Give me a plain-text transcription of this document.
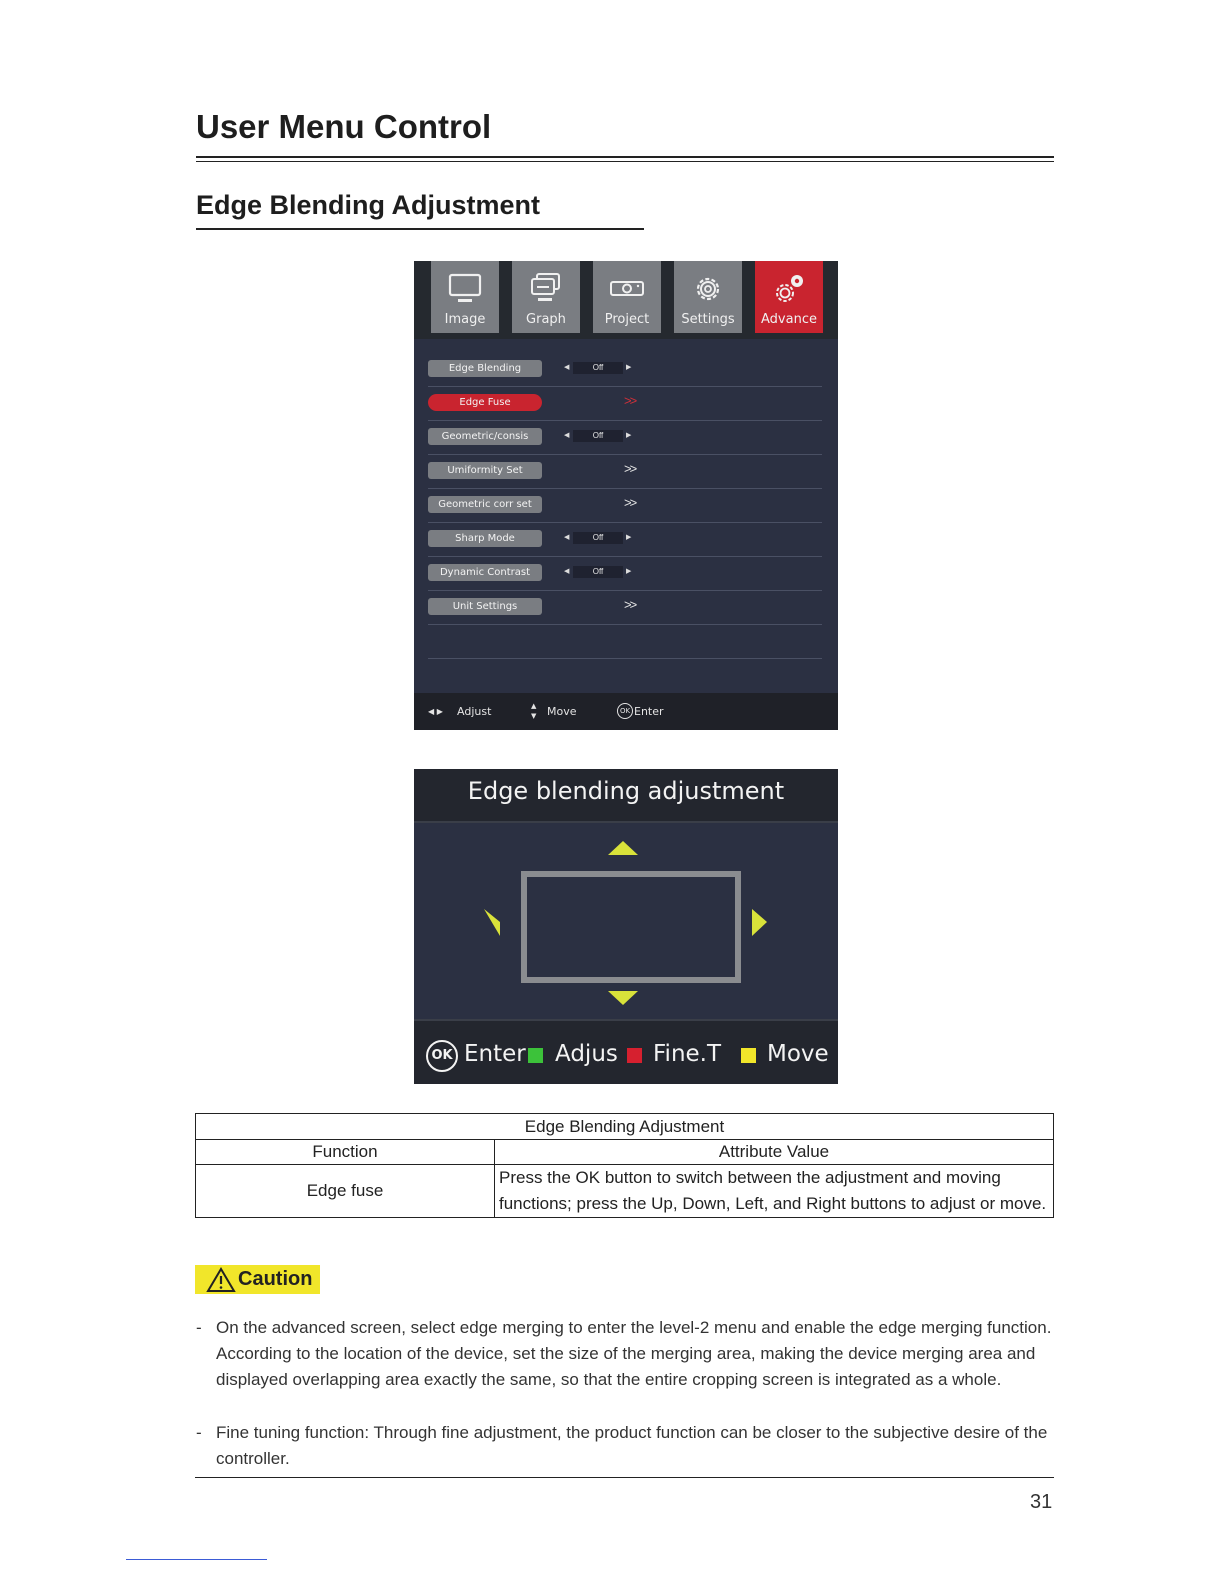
User Menu Control
Edge Blending Adjustment
Image	Graph	Project	Settings	Advance
Edge Blending	◀	Off	▶
Edge Fuse	>>
Geometric/consis	◀	Off	▶
Umiformity Set	>>
Geometric corr set	>>
Sharp Mode	◀	Off	▶
Dynamic Contrast	◀	Off	▶
Unit Settings	>>
◀ ▶ Adjust	▲
▼ Move	OK Enter
Edge blending adjustment
OK Enter Adjus Fine.T Move
Edge Blending Adjustment	
Function	Attribute Value
Edge fuse	Press the OK button to switch between the adjustment and moving functions; press the Up, Down, Left, and Right buttons to adjust or move.
Caution
- On the advanced screen, select edge merging to enter the level-2 menu and enable the edge merging function. According to the location of the device, set the size of the merging area, making the device merging area and displayed overlapping area exactly the same, so that the entire cropping screen is integrated as a whole.
- Fine tuning function: Through fine adjustment, the product function can be closer to the subjective desire of the controller.
31
